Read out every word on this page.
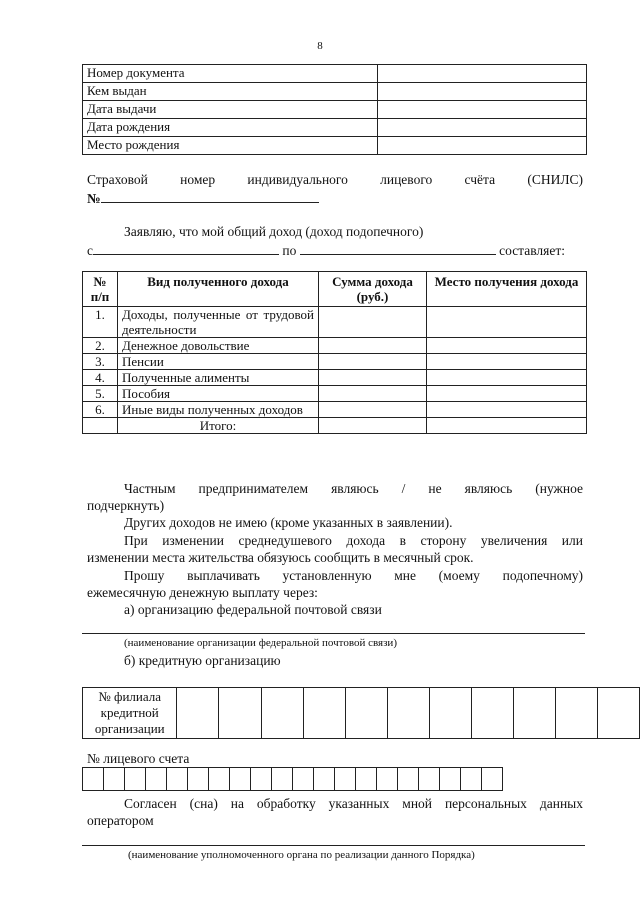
8
Номер документа	
Кем выдан	
Дата выдачи	
Дата рождения	
Место рождения	
Страховой номер индивидуального лицевого счёта (СНИЛС)
№
Заявляю, что мой общий доход (доход подопечного)
с	по	составляет:
№ п/п	Вид полученного дохода	Сумма дохода (руб.)	Место получения дохода
1.	Доходы, полученные от трудовой деятельности		
2.	Денежное довольствие		
3.	Пенсии		
4.	Полученные алименты		
5.	Пособия		
6.	Иные виды полученных доходов		
	Итого:		
Частным предпринимателем являюсь / не являюсь (нужное
подчеркнуть)
Других доходов не имею (кроме указанных в заявлении).
При изменении среднедушевого дохода в сторону увеличения или
изменении места жительства обязуюсь сообщить в месячный срок.
Прошу выплачивать установленную мне (моему подопечному)
ежемесячную денежную выплату через:
а) организацию федеральной почтовой связи
(наименование организации федеральной почтовой связи)
б) кредитную организацию
№ филиала кредитной организации											
№ лицевого счета

Согласен (сна) на обработку указанных мной персональных данных
оператором
(наименование уполномоченного органа по реализации данного Порядка)
